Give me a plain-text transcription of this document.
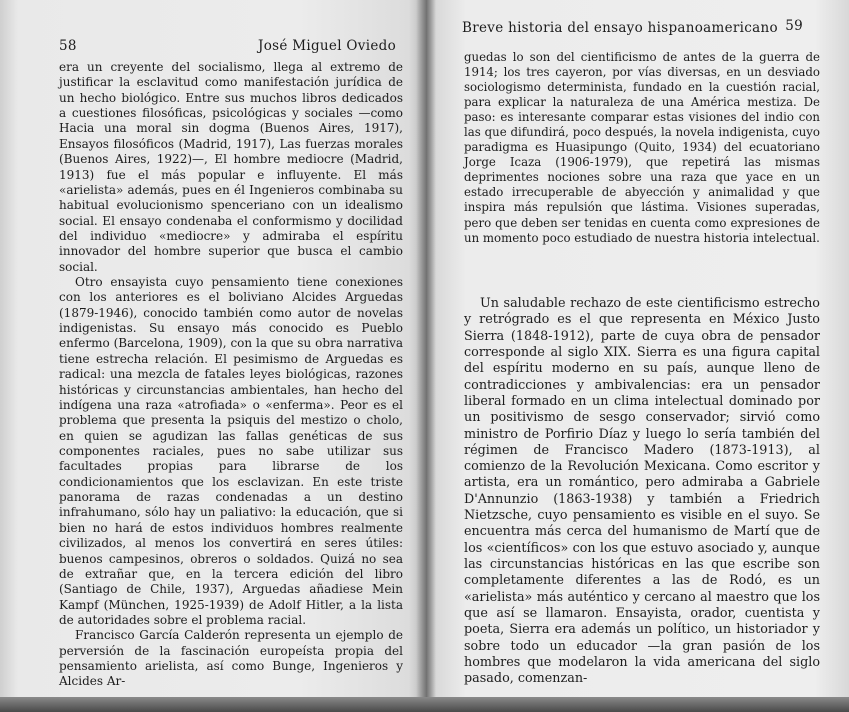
58	José Miguel Oviedo

era un creyente del socialismo, llega al extremo de justificar la esclavitud como manifestación jurídica de un hecho biológico. Entre sus muchos libros dedicados a cuestiones filosóficas, psicológicas y sociales —como Hacia una moral sin dogma (Buenos Aires, 1917), Ensayos filosóficos (Madrid, 1917), Las fuerzas morales (Buenos Aires, 1922)—, El hombre mediocre (Madrid, 1913) fue el más popular e influyente. El más «arielista» además, pues en él Ingenieros combinaba su habitual evolucionismo spenceriano con un idealismo social. El ensayo condenaba el conformismo y docilidad del individuo «mediocre» y admiraba el espíritu innovador del hombre superior que busca el cambio social.

Otro ensayista cuyo pensamiento tiene conexiones con los anteriores es el boliviano Alcides Arguedas (1879-1946), conocido también como autor de novelas indigenistas. Su ensayo más conocido es Pueblo enfermo (Barcelona, 1909), con la que su obra narrativa tiene estrecha relación. El pesimismo de Arguedas es radical: una mezcla de fatales leyes biológicas, razones históricas y circunstancias ambientales, han hecho del indígena una raza «atrofiada» o «enferma». Peor es el problema que presenta la psiquis del mestizo o cholo, en quien se agudizan las fallas genéticas de sus componentes raciales, pues no sabe utilizar sus facultades propias para librarse de los condicionamientos que los esclavizan. En este triste panorama de razas condenadas a un destino infrahumano, sólo hay un paliativo: la educación, que si bien no hará de estos individuos hombres realmente civilizados, al menos los convertirá en seres útiles: buenos campesinos, obreros o soldados. Quizá no sea de extrañar que, en la tercera edición del libro (Santiago de Chile, 1937), Arguedas añadiese Mein Kampf (München, 1925-1939) de Adolf Hitler, a la lista de autoridades sobre el problema racial.

Francisco García Calderón representa un ejemplo de perversión de la fascinación europeísta propia del pensamiento arielista, así como Bunge, Ingenieros y Alcides Ar-

Breve historia del ensayo hispanoamericano 59

guedas lo son del cientificismo de antes de la guerra de 1914; los tres cayeron, por vías diversas, en un desviado sociologismo determinista, fundado en la cuestión racial, para explicar la naturaleza de una América mestiza. De paso: es interesante comparar estas visiones del indio con las que difundirá, poco después, la novela indigenista, cuyo paradigma es Huasipungo (Quito, 1934) del ecuatoriano Jorge Icaza (1906-1979), que repetirá las mismas deprimentes nociones sobre una raza que yace en un estado irrecuperable de abyección y animalidad y que inspira más repulsión que lástima. Visiones superadas, pero que deben ser tenidas en cuenta como expresiones de un momento poco estudiado de nuestra historia intelectual.

Un saludable rechazo de este cientificismo estrecho y retrógrado es el que representa en México Justo Sierra (1848-1912), parte de cuya obra de pensador corresponde al siglo XIX. Sierra es una figura capital del espíritu moderno en su país, aunque lleno de contradicciones y ambivalencias: era un pensador liberal formado en un clima intelectual dominado por un positivismo de sesgo conservador; sirvió como ministro de Porfirio Díaz y luego lo sería también del régimen de Francisco Madero (1873-1913), al comienzo de la Revolución Mexicana. Como escritor y artista, era un romántico, pero admiraba a Gabriele D'Annunzio (1863-1938) y también a Friedrich Nietzsche, cuyo pensamiento es visible en el suyo. Se encuentra más cerca del humanismo de Martí que de los «científicos» con los que estuvo asociado y, aunque las circunstancias históricas en las que escribe son completamente diferentes a las de Rodó, es un «arielista» más auténtico y cercano al maestro que los que así se llamaron. Ensayista, orador, cuentista y poeta, Sierra era además un político, un historiador y sobre todo un educador —la gran pasión de los hombres que modelaron la vida americana del siglo pasado, comenzan-
